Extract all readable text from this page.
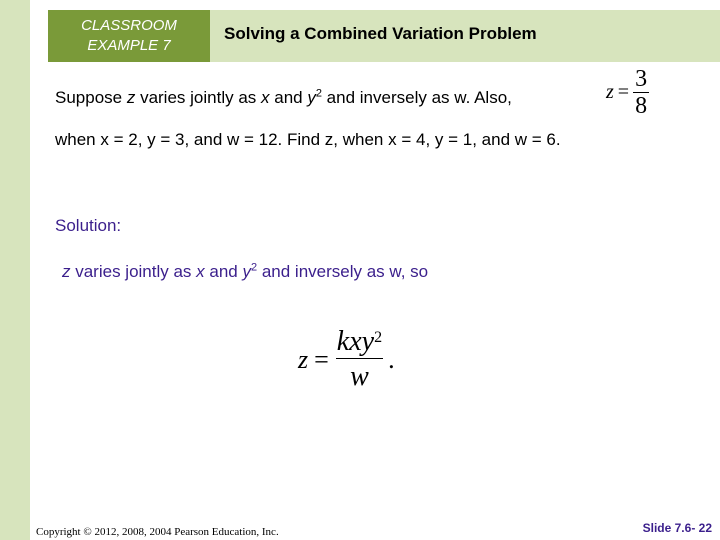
CLASSROOM
EXAMPLE 7
Solving a Combined Variation Problem
Suppose z varies jointly as x and $y^2$ and inversely as w. Also,	$z = \frac{3}{8}$
when x = 2, y = 3, and w = 12. Find z, when x = 4, y = 1, and w = 6.
Solution:
z varies jointly as x and $y^2$ and inversely as w, so
$z = \frac{kxy^2}{w}$ .
Copyright © 2012, 2008, 2004 Pearson Education, Inc.	Slide 7.6- 22
